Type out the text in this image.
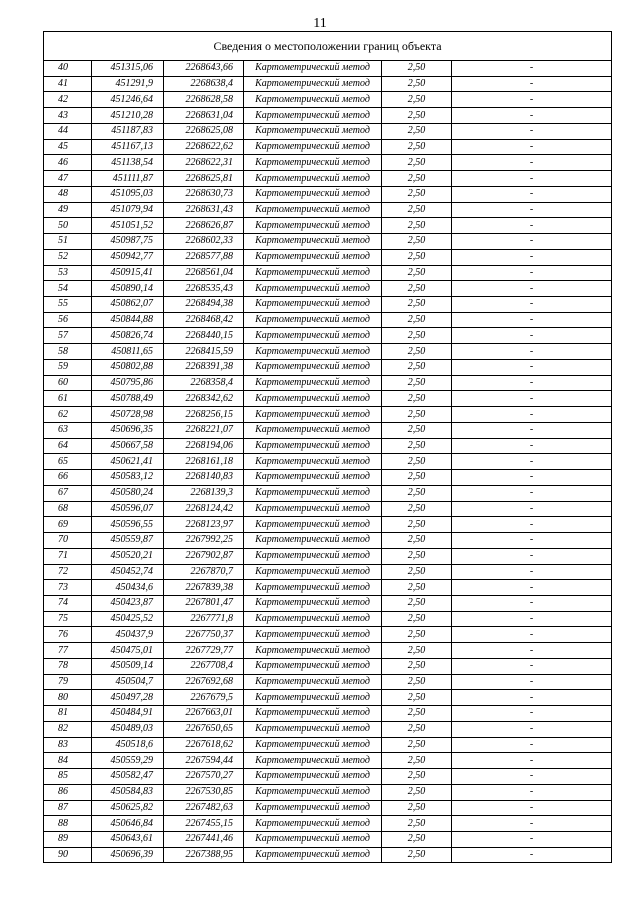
11
Сведения о местоположении границ объекта					
40	451315,06	2268643,66	Картометрический метод	2,50	-
41	451291,9	2268638,4	Картометрический метод	2,50	-
42	451246,64	2268628,58	Картометрический метод	2,50	-
43	451210,28	2268631,04	Картометрический метод	2,50	-
44	451187,83	2268625,08	Картометрический метод	2,50	-
45	451167,13	2268622,62	Картометрический метод	2,50	-
46	451138,54	2268622,31	Картометрический метод	2,50	-
47	451111,87	2268625,81	Картометрический метод	2,50	-
48	451095,03	2268630,73	Картометрический метод	2,50	-
49	451079,94	2268631,43	Картометрический метод	2,50	-
50	451051,52	2268626,87	Картометрический метод	2,50	-
51	450987,75	2268602,33	Картометрический метод	2,50	-
52	450942,77	2268577,88	Картометрический метод	2,50	-
53	450915,41	2268561,04	Картометрический метод	2,50	-
54	450890,14	2268535,43	Картометрический метод	2,50	-
55	450862,07	2268494,38	Картометрический метод	2,50	-
56	450844,88	2268468,42	Картометрический метод	2,50	-
57	450826,74	2268440,15	Картометрический метод	2,50	-
58	450811,65	2268415,59	Картометрический метод	2,50	-
59	450802,88	2268391,38	Картометрический метод	2,50	-
60	450795,86	2268358,4	Картометрический метод	2,50	-
61	450788,49	2268342,62	Картометрический метод	2,50	-
62	450728,98	2268256,15	Картометрический метод	2,50	-
63	450696,35	2268221,07	Картометрический метод	2,50	-
64	450667,58	2268194,06	Картометрический метод	2,50	-
65	450621,41	2268161,18	Картометрический метод	2,50	-
66	450583,12	2268140,83	Картометрический метод	2,50	-
67	450580,24	2268139,3	Картометрический метод	2,50	-
68	450596,07	2268124,42	Картометрический метод	2,50	-
69	450596,55	2268123,97	Картометрический метод	2,50	-
70	450559,87	2267992,25	Картометрический метод	2,50	-
71	450520,21	2267902,87	Картометрический метод	2,50	-
72	450452,74	2267870,7	Картометрический метод	2,50	-
73	450434,6	2267839,38	Картометрический метод	2,50	-
74	450423,87	2267801,47	Картометрический метод	2,50	-
75	450425,52	2267771,8	Картометрический метод	2,50	-
76	450437,9	2267750,37	Картометрический метод	2,50	-
77	450475,01	2267729,77	Картометрический метод	2,50	-
78	450509,14	2267708,4	Картометрический метод	2,50	-
79	450504,7	2267692,68	Картометрический метод	2,50	-
80	450497,28	2267679,5	Картометрический метод	2,50	-
81	450484,91	2267663,01	Картометрический метод	2,50	-
82	450489,03	2267650,65	Картометрический метод	2,50	-
83	450518,6	2267618,62	Картометрический метод	2,50	-
84	450559,29	2267594,44	Картометрический метод	2,50	-
85	450582,47	2267570,27	Картометрический метод	2,50	-
86	450584,83	2267530,85	Картометрический метод	2,50	-
87	450625,82	2267482,63	Картометрический метод	2,50	-
88	450646,84	2267455,15	Картометрический метод	2,50	-
89	450643,61	2267441,46	Картометрический метод	2,50	-
90	450696,39	2267388,95	Картометрический метод	2,50	-
